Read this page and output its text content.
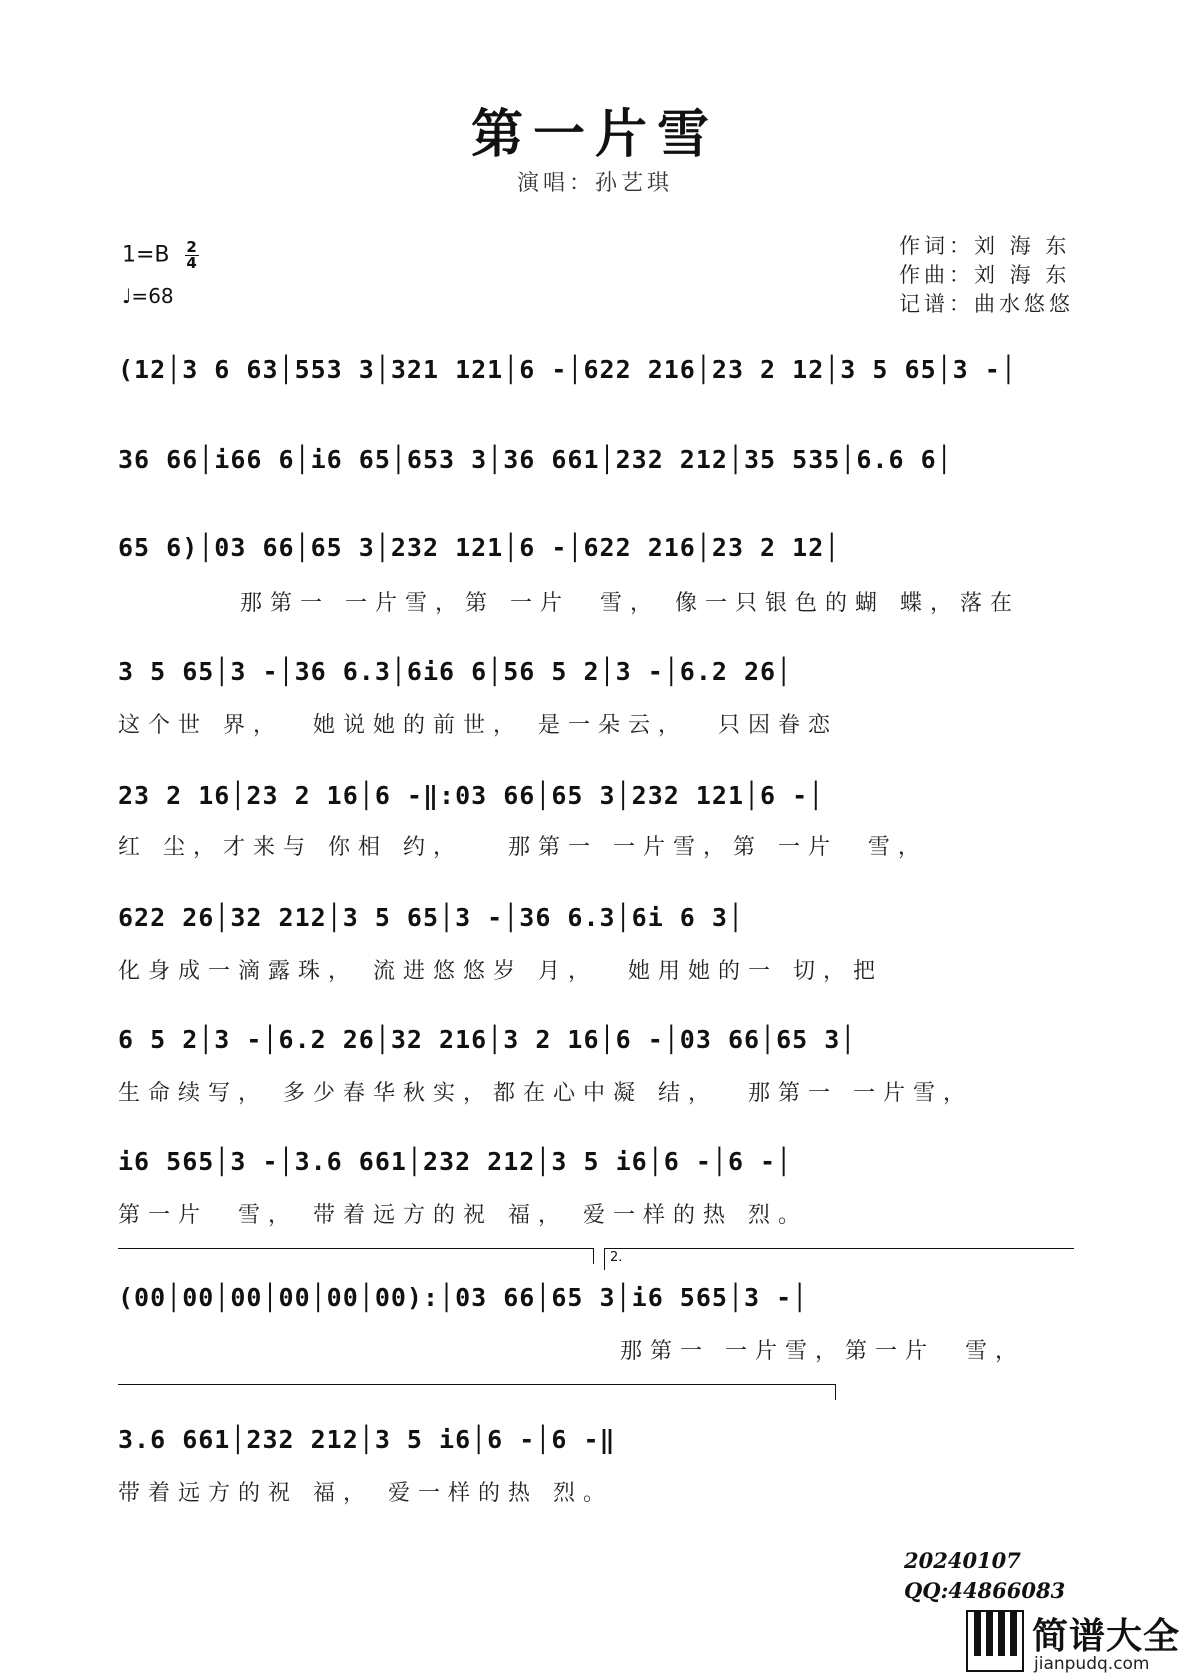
第一片雪
演唱：孙艺琪
$1=B \frac{2}{4}$
♩=68
作词：刘 海 东
作曲：刘 海 东
记谱：曲水悠悠
(12│3 6 63│553 3│321 121│6 -│622 216│23 2 12│3 5 65│3 -│
36 66│i66 6│i6 65│653 3│36 661│232 212│35 535│6.6 6│
65 6)│03 66│65 3│232 121│6 -│622 216│23 2 12│
那第一 一片雪，第 一片  雪， 像一只银色的蝴 蝶，落在
3 5 65│3 -│36 6.3│6i6 6│56 5 2│3 -│6.2 26│
这个世 界，  她说她的前世， 是一朵云，  只因眷恋
23 2 16│23 2 16│6 -‖:03 66│65 3│232 121│6 -│
红 尘，才来与 你相 约，   那第一 一片雪，第 一片  雪，
622 26│32 212│3 5 65│3 -│36 6.3│6i 6 3│
化身成一滴露珠， 流进悠悠岁 月，  她用她的一 切，把
6 5 2│3 -│6.2 26│32 216│3 2 16│6 -│03 66│65 3│
生命续写， 多少春华秋实，都在心中凝 结，  那第一 一片雪，
i6 565│3 -│3.6 661│232 212│3 5 i6│6 -│6 -│
第一片  雪， 带着远方的祝 福， 爱一样的热 烈。
2.
(00│00│00│00│00│00):│03 66│65 3│i6 565│3 -│
那第一 一片雪，第一片  雪，
3.6 661│232 212│3 5 i6│6 -│6 -‖
带着远方的祝 福， 爱一样的热 烈。
20240107
QQ:44866083
简谱大全
jianpudq.com
